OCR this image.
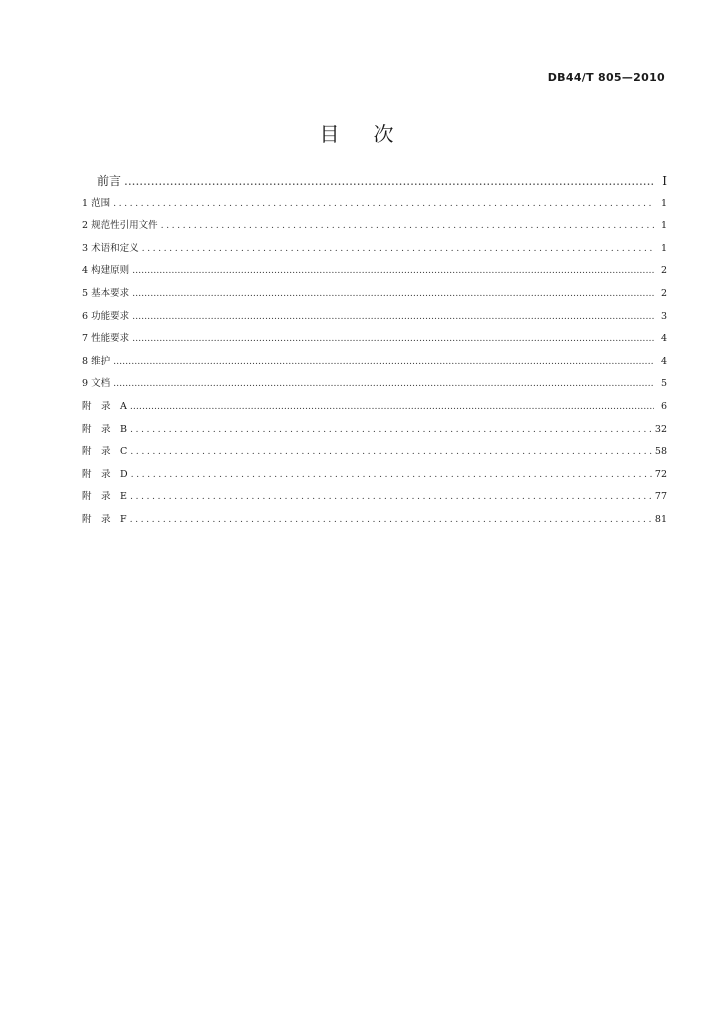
DB44/T 805—2010
目次
前言 .....	I
1 范围 .....	1
2 规范性引用文件 .....	1
3 术语和定义 .....	1
4 构建原则 .....	2
5 基本要求 .....	2
6 功能要求 .....	3
7 性能要求 .....	4
8 维护 .....	4
9 文档 .....	5
附　录　A .....	6
附　录　B .....	32
附　录　C .....	58
附　录　D .....	72
附　录　E .....	77
附　录　F .....	81
